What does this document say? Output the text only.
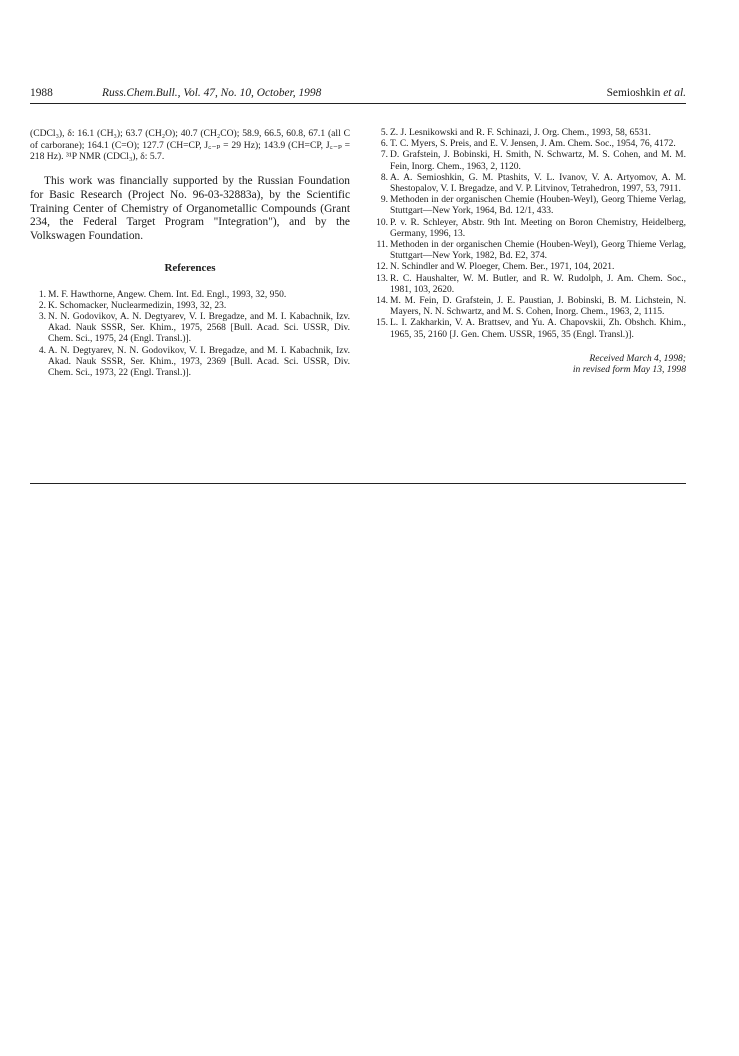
1988	Russ.Chem.Bull., Vol. 47, No. 10, October, 1998	Semioshkin et al.
(CDCl₃), δ: 16.1 (CH₃); 63.7 (CH₂O); 40.7 (CH₂CO); 58.9, 66.5, 60.8, 67.1 (all C of carborane); 164.1 (C=O); 127.7 (CH=CP, J꜀₋ₚ = 29 Hz); 143.9 (CH=CP, J꜀₋ₚ = 218 Hz). ³¹P NMR (CDCl₃), δ: 5.7.
This work was financially supported by the Russian Foundation for Basic Research (Project No. 96-03-32883a), by the Scientific Training Center of Chemistry of Organometallic Compounds (Grant 234, the Federal Target Program "Integration"), and by the Volkswagen Foundation.
References
1. M. F. Hawthorne, Angew. Chem. Int. Ed. Engl., 1993, 32, 950.
2. K. Schomacker, Nuclearmedizin, 1993, 32, 23.
3. N. N. Godovikov, A. N. Degtyarev, V. I. Bregadze, and M. I. Kabachnik, Izv. Akad. Nauk SSSR, Ser. Khim., 1975, 2568 [Bull. Acad. Sci. USSR, Div. Chem. Sci., 1975, 24 (Engl. Transl.)].
4. A. N. Degtyarev, N. N. Godovikov, V. I. Bregadze, and M. I. Kabachnik, Izv. Akad. Nauk SSSR, Ser. Khim., 1973, 2369 [Bull. Acad. Sci. USSR, Div. Chem. Sci., 1973, 22 (Engl. Transl.)].
5. Z. J. Lesnikowski and R. F. Schinazi, J. Org. Chem., 1993, 58, 6531.
6. T. C. Myers, S. Preis, and E. V. Jensen, J. Am. Chem. Soc., 1954, 76, 4172.
7. D. Grafstein, J. Bobinski, H. Smith, N. Schwartz, M. S. Cohen, and M. M. Fein, Inorg. Chem., 1963, 2, 1120.
8. A. A. Semioshkin, G. M. Ptashits, V. L. Ivanov, V. A. Artyomov, A. M. Shestopalov, V. I. Bregadze, and V. P. Litvinov, Tetrahedron, 1997, 53, 7911.
9. Methoden in der organischen Chemie (Houben-Weyl), Georg Thieme Verlag, Stuttgart—New York, 1964, Bd. 12/1, 433.
10. P. v. R. Schleyer, Abstr. 9th Int. Meeting on Boron Chemistry, Heidelberg, Germany, 1996, 13.
11. Methoden in der organischen Chemie (Houben-Weyl), Georg Thieme Verlag, Stuttgart—New York, 1982, Bd. E2, 374.
12. N. Schindler and W. Ploeger, Chem. Ber., 1971, 104, 2021.
13. R. C. Haushalter, W. M. Butler, and R. W. Rudolph, J. Am. Chem. Soc., 1981, 103, 2620.
14. M. M. Fein, D. Grafstein, J. E. Paustian, J. Bobinski, B. M. Lichstein, N. Mayers, N. N. Schwartz, and M. S. Cohen, Inorg. Chem., 1963, 2, 1115.
15. L. I. Zakharkin, V. A. Brattsev, and Yu. A. Chapovskii, Zh. Obshch. Khim., 1965, 35, 2160 [J. Gen. Chem. USSR, 1965, 35 (Engl. Transl.)].
Received March 4, 1998;
in revised form May 13, 1998
